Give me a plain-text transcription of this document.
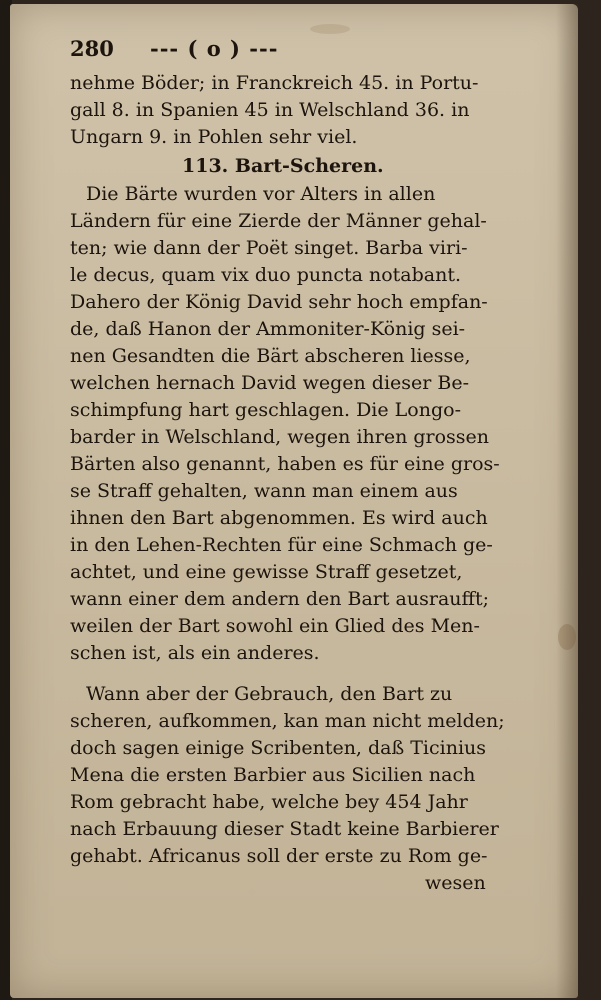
280	--- ( o ) ---
nehme Böder; in Franckreich 45. in Portu-
gall 8. in Spanien 45 in Welschland 36. in
Ungarn 9. in Pohlen sehr viel.
113. Bart-Scheren.
Die Bärte wurden vor Alters in allen
Ländern für eine Zierde der Männer gehal-
ten; wie dann der Poët singet. Barba viri-
le decus, quam vix duo puncta notabant.
Dahero der König David sehr hoch empfan-
de, daß Hanon der Ammoniter-König sei-
nen Gesandten die Bärt abscheren liesse,
welchen hernach David wegen dieser Be-
schimpfung hart geschlagen. Die Longo-
barder in Welschland, wegen ihren grossen
Bärten also genannt, haben es für eine gros-
se Straff gehalten, wann man einem aus
ihnen den Bart abgenommen. Es wird auch
in den Lehen-Rechten für eine Schmach ge-
achtet, und eine gewisse Straff gesetzet,
wann einer dem andern den Bart ausraufft;
weilen der Bart sowohl ein Glied des Men-
schen ist, als ein anderes.
Wann aber der Gebrauch, den Bart zu
scheren, aufkommen, kan man nicht melden;
doch sagen einige Scribenten, daß Ticinius
Mena die ersten Barbier aus Sicilien nach
Rom gebracht habe, welche bey 454 Jahr
nach Erbauung dieser Stadt keine Barbierer
gehabt. Africanus soll der erste zu Rom ge-
wesen
